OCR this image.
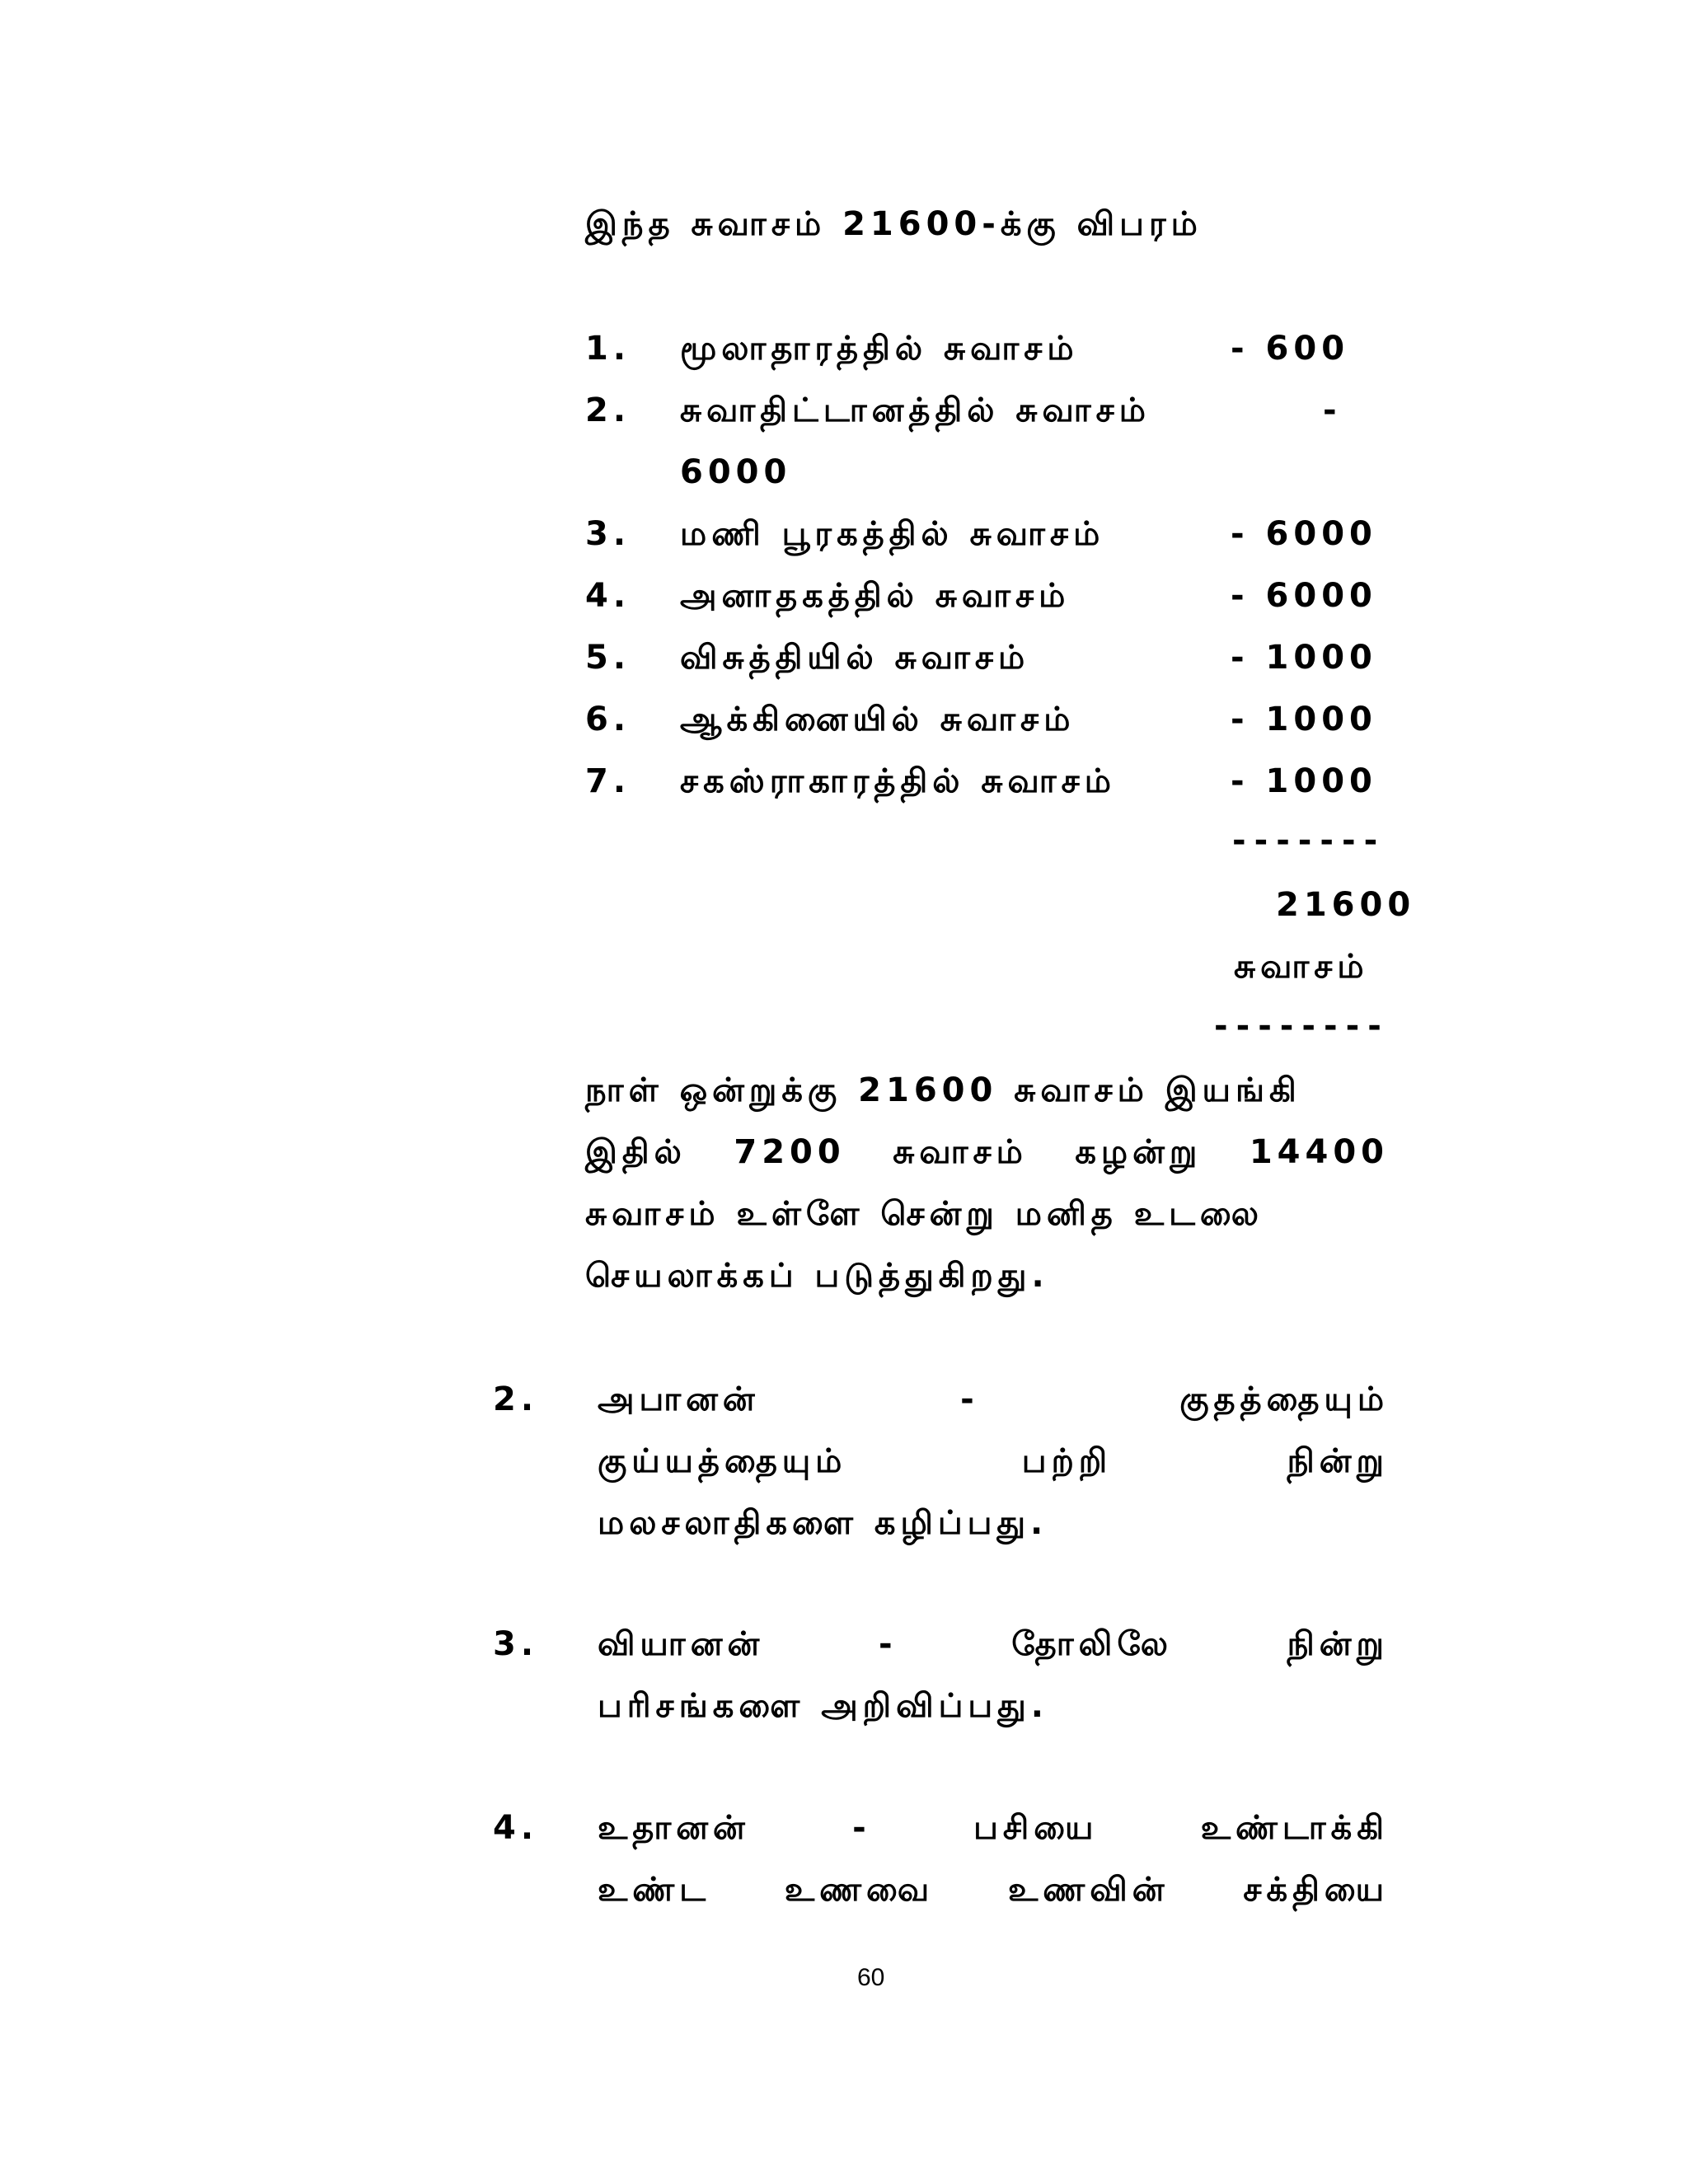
இந்த சுவாசம் 21600-க்கு விபரம்
1. மூலாதாரத்தில் சுவாசம்	- 600
2. சுவாதிட்டானத்தில் சுவாசம்	-
6000
3. மணி பூரகத்தில் சுவாசம்	- 6000
4. அனாதகத்தில் சுவாசம்	- 6000
5. விசுத்தியில் சுவாசம்	- 1000
6. ஆக்கினையில் சுவாசம்	- 1000
7. சகஸ்ராகாரத்தில் சுவாசம்	- 1000
-------
21600
சுவாசம்
--------
நாள் ஒன்றுக்கு 21600 சுவாசம் இயங்கி
இதில் 7200 சுவாசம் கழன்று 14400
சுவாசம் உள்ளே சென்று மனித உடலை
செயலாக்கப் படுத்துகிறது.
2. அபானன்	-	குதத்தையும்
குய்யத்தையும்	பற்றி	நின்று
மலசலாதிகளை கழிப்பது.
3. வியானன்	-	தோலிலே	நின்று
பரிசங்களை அறிவிப்பது.
4. உதானன்	-	பசியை	உண்டாக்கி
உண்ட உணவை உணவின் சக்தியை
60
